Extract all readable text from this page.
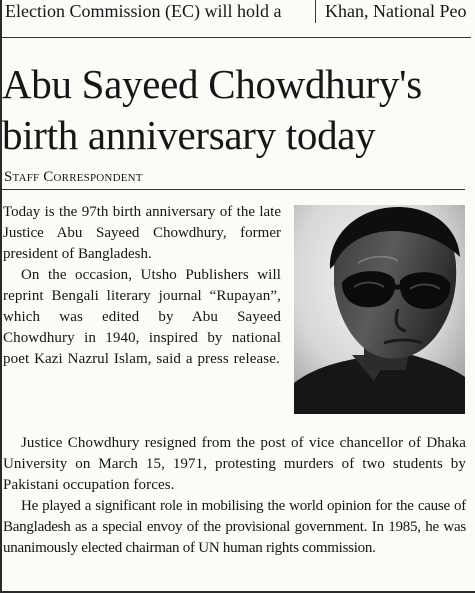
Election Commission (EC) will hold a Khan, National Peo
Abu Sayeed Chowdhury's
birth anniversary today

Staff Correspondent

Today is the 97th birth anniversary of the late Justice Abu Sayeed Chowdhury, former president of Bangladesh.

On the occasion, Utsho Publishers will reprint Bengali literary journal “Rupayan”, which was edited by Abu Sayeed Chowdhury in 1940, inspired by national poet Kazi Nazrul Islam, said a press release.

Justice Chowdhury resigned from the post of vice chancellor of Dhaka University on March 15, 1971, protesting murders of two students by Pakistani occupation forces.

He played a significant role in mobilising the world opinion for the cause of Bangladesh as a special envoy of the provisional government. In 1985, he was unanimously elected chairman of UN human rights commission.
